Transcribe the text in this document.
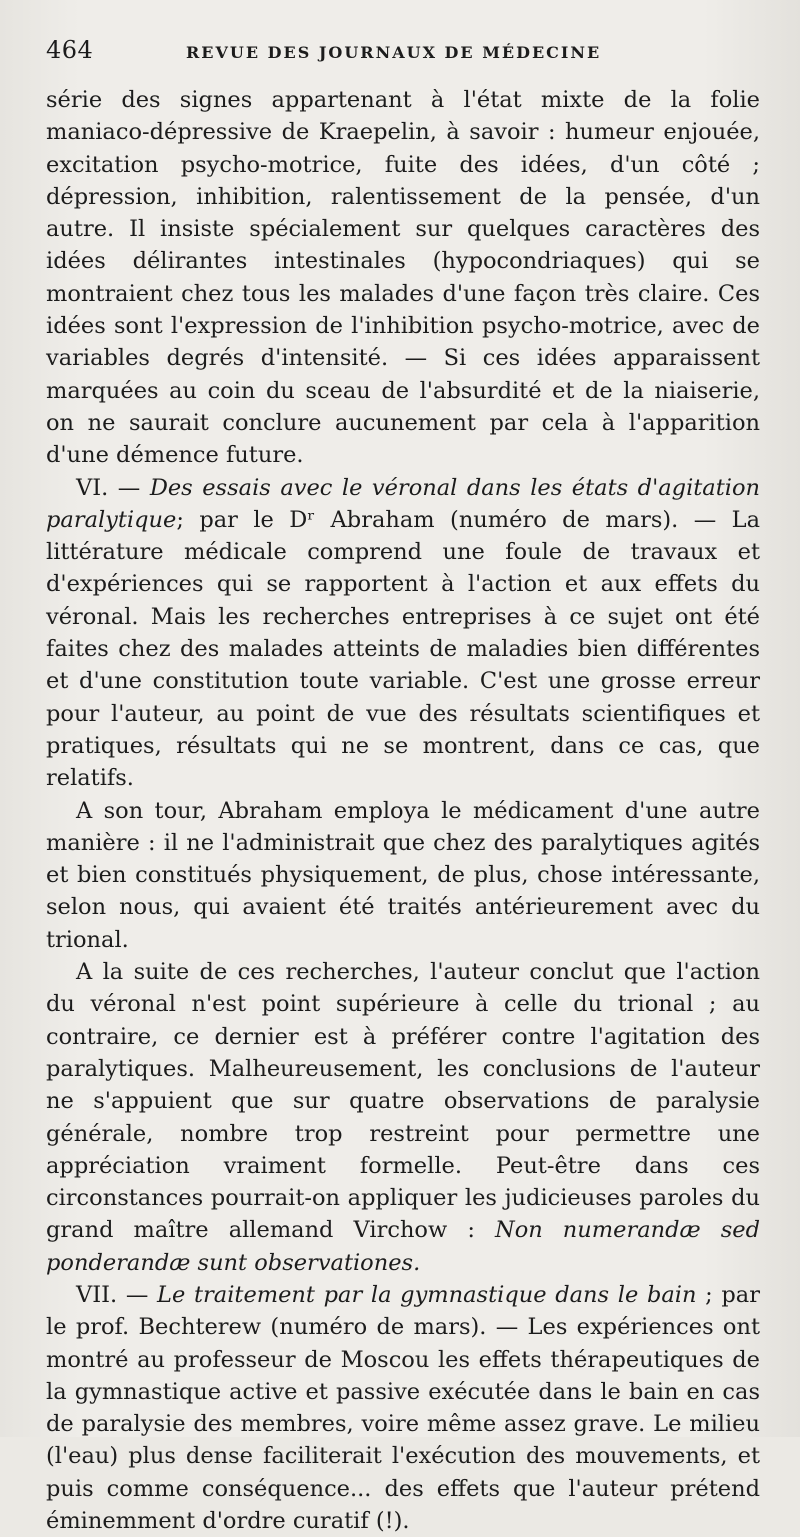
464	REVUE DES JOURNAUX DE MÉDECINE

série des signes appartenant à l'état mixte de la folie maniaco-dépressive de Kraepelin, à savoir : humeur enjouée, excitation psycho-motrice, fuite des idées, d'un côté ; dépression, inhibition, ralentissement de la pensée, d'un autre. Il insiste spécialement sur quelques caractères des idées délirantes intestinales (hypocondriaques) qui se montraient chez tous les malades d'une façon très claire. Ces idées sont l'expression de l'inhibition psycho-motrice, avec de variables degrés d'intensité. — Si ces idées apparaissent marquées au coin du sceau de l'absurdité et de la niaiserie, on ne saurait conclure aucunement par cela à l'apparition d'une démence future.

VI. — Des essais avec le véronal dans les états d'agitation paralytique; par le Dʳ Abraham (numéro de mars). — La littérature médicale comprend une foule de travaux et d'expériences qui se rapportent à l'action et aux effets du véronal. Mais les recherches entreprises à ce sujet ont été faites chez des malades atteints de maladies bien différentes et d'une constitution toute variable. C'est une grosse erreur pour l'auteur, au point de vue des résultats scientifiques et pratiques, résultats qui ne se montrent, dans ce cas, que relatifs.

A son tour, Abraham employa le médicament d'une autre manière : il ne l'administrait que chez des paralytiques agités et bien constitués physiquement, de plus, chose intéressante, selon nous, qui avaient été traités antérieurement avec du trional.

A la suite de ces recherches, l'auteur conclut que l'action du véronal n'est point supérieure à celle du trional ; au contraire, ce dernier est à préférer contre l'agitation des paralytiques. Malheureusement, les conclusions de l'auteur ne s'appuient que sur quatre observations de paralysie générale, nombre trop restreint pour permettre une appréciation vraiment formelle. Peut-être dans ces circonstances pourrait-on appliquer les judicieuses paroles du grand maître allemand Virchow : Non numerandæ sed ponderandæ sunt observationes.

VII. — Le traitement par la gymnastique dans le bain ; par le prof. Bechterew (numéro de mars). — Les expériences ont montré au professeur de Moscou les effets thérapeutiques de la gymnastique active et passive exécutée dans le bain en cas de paralysie des membres, voire même assez grave. Le milieu (l'eau) plus dense faciliterait l'exécution des mouvements, et puis comme conséquence... des effets que l'auteur prétend éminemment d'ordre curatif (!).
